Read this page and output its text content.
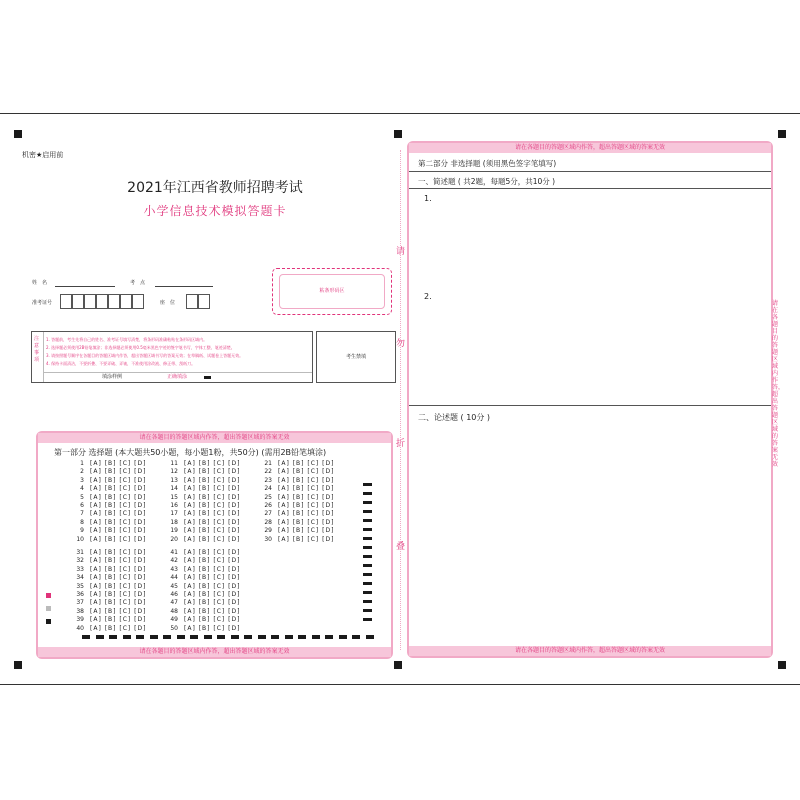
机密★启用前
2021年江西省教师招聘考试
小学信息技术模拟答题卡
姓　名	考　点
准考证号	座　位
粘条形码区
注意事项
1. 答题前，考生先将自己的姓名、准考证号填写清楚，将条形码准确粘贴在条形码区域内。
2. 选择题必须使用2B铅笔填涂；非选择题必须使用0.5毫米黑色字迹的签字笔书写，字体工整、笔迹清楚。
3. 请按照题号顺序在各题目的答题区域内作答，超出答题区域书写的答案无效；在草稿纸、试题卷上答题无效。
4. 保持卡面清洁，不要折叠、不要弄破、弄皱，不准使用涂改液、修正带、刮纸刀。
填涂样例	正确填涂
考生禁填
请
勿
折
叠
请在各题目的答题区域内作答，超出答题区域的答案无效
请在各题目的答题区域内作答，超出答题区域的答案无效
第一部分 选择题 (本大题共50小题，每小题1粉，共50分) (需用2B铅笔填涂)
1 [A] [B] [C] [D]
2 [A] [B] [C] [D]
3 [A] [B] [C] [D]
4 [A] [B] [C] [D]
5 [A] [B] [C] [D]
6 [A] [B] [C] [D]
7 [A] [B] [C] [D]
8 [A] [B] [C] [D]
9 [A] [B] [C] [D]
10 [A] [B] [C] [D]
11 [A] [B] [C] [D]
12 [A] [B] [C] [D]
13 [A] [B] [C] [D]
14 [A] [B] [C] [D]
15 [A] [B] [C] [D]
16 [A] [B] [C] [D]
17 [A] [B] [C] [D]
18 [A] [B] [C] [D]
19 [A] [B] [C] [D]
20 [A] [B] [C] [D]
21 [A] [B] [C] [D]
22 [A] [B] [C] [D]
23 [A] [B] [C] [D]
24 [A] [B] [C] [D]
25 [A] [B] [C] [D]
26 [A] [B] [C] [D]
27 [A] [B] [C] [D]
28 [A] [B] [C] [D]
29 [A] [B] [C] [D]
30 [A] [B] [C] [D]
31 [A] [B] [C] [D]
32 [A] [B] [C] [D]
33 [A] [B] [C] [D]
34 [A] [B] [C] [D]
35 [A] [B] [C] [D]
36 [A] [B] [C] [D]
37 [A] [B] [C] [D]
38 [A] [B] [C] [D]
39 [A] [B] [C] [D]
40 [A] [B] [C] [D]
41 [A] [B] [C] [D]
42 [A] [B] [C] [D]
43 [A] [B] [C] [D]
44 [A] [B] [C] [D]
45 [A] [B] [C] [D]
46 [A] [B] [C] [D]
47 [A] [B] [C] [D]
48 [A] [B] [C] [D]
49 [A] [B] [C] [D]
50 [A] [B] [C] [D]
请在各题目的答题区域内作答，超出答题区域的答案无效
请在各题目的答题区域内作答，超出答题区域的答案无效
第二部分 非选择题 (须用黑色签字笔填写)
一、简述题 ( 共2题，每题5分，共10分 )
1.
2.
二、论述题 ( 10分 )
请在各题目的答题区域内作答，超出答题区域的答案无效
1
